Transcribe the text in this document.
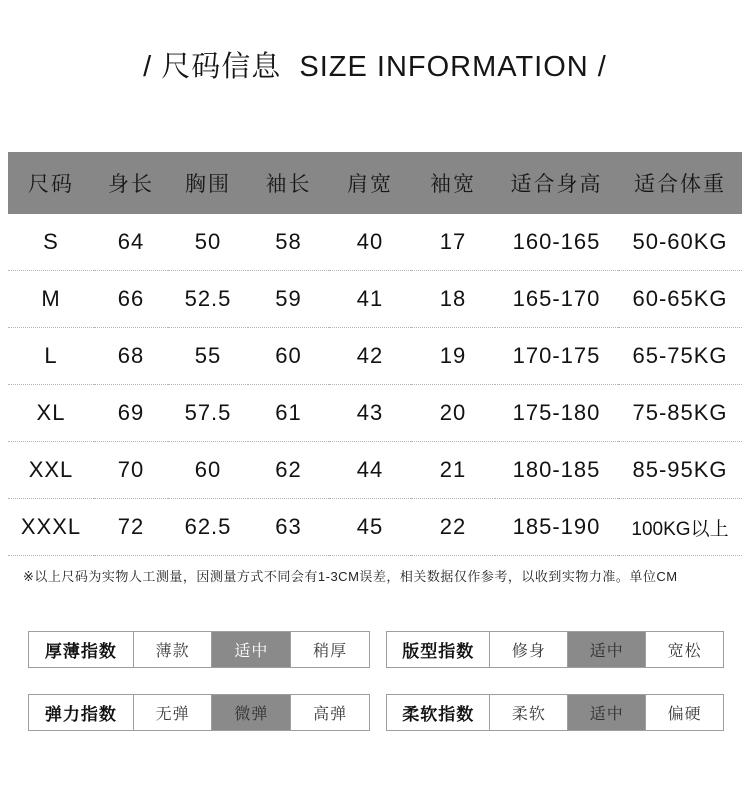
/ 尺码信息  SIZE INFORMATION /
尺码	身长	胸围	袖长	肩宽	袖宽	适合身高	适合体重
S	64	50	58	40	17	160-165	50-60KG
M	66	52.5	59	41	18	165-170	60-65KG
L	68	55	60	42	19	170-175	65-75KG
XL	69	57.5	61	43	20	175-180	75-85KG
XXL	70	60	62	44	21	180-185	85-95KG
XXXL	72	62.5	63	45	22	185-190	100KG以上
※以上尺码为实物人工测量，因测量方式不同会有1-3CM误差，相关数据仅作参考，以收到实物力准。单位CM
厚薄指数	薄款	适中	稍厚	版型指数	修身	适中	宽松
弹力指数	无弹	微弹	高弹	柔软指数	柔软	适中	偏硬
